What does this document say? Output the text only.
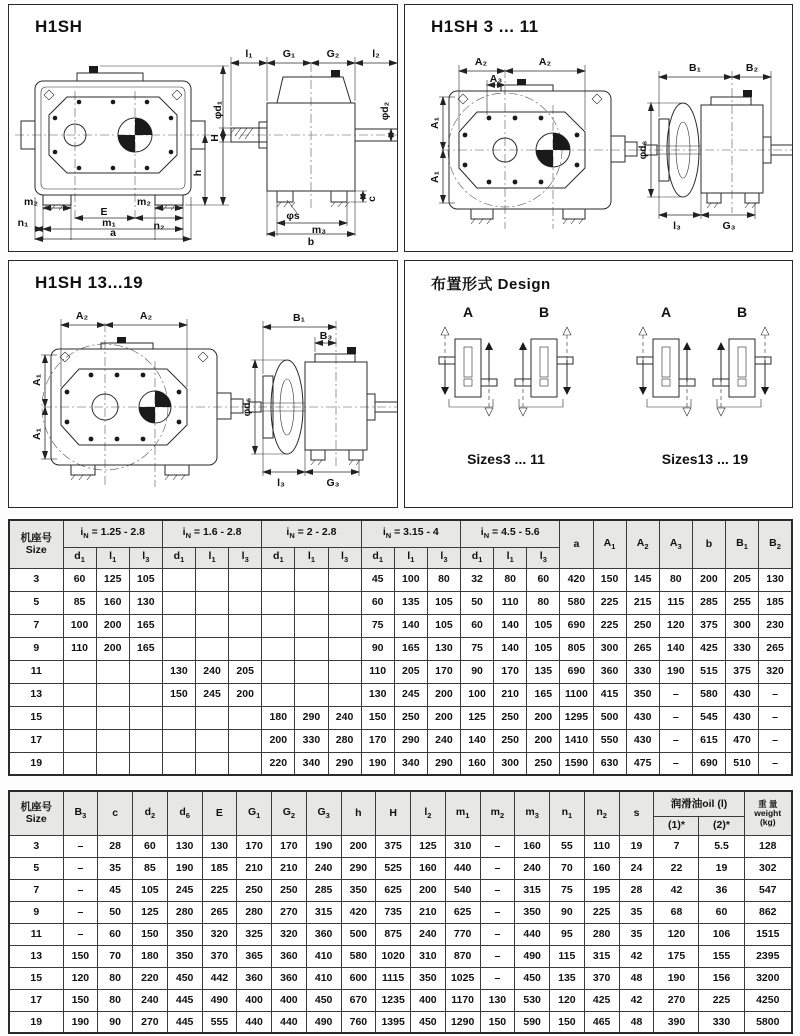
H1SH
H
h
m₂	m₂
E
n₂
m₁
n₁
a
l₁	G₁	G₂	l₂
φd₁	φd₂
φs
m₃
b
c
H1SH 3 ... 11
A₂	A₂
A₃
A₁
A₁
B₁	B₂
φd₆
l₃	G₃
H1SH 13...19
A₂	A₂
A₁
A₁
B₁
B₃
φd₆
l₃	G₃
布置形式 Design
A	B	A	B
Sizes3 ... 11	Sizes13 ... 19
机座号
Size	$i_N = 1.25 - 2.8$			$i_N = 1.6 - 2.8$			$i_N = 2 - 2.8$			$i_N = 3.15 - 4$			$i_N = 4.5 - 5.6$			a	$A_1$	$A_2$	$A_3$	b	$B_1$	$B_2$
	$d_1$	$l_1$	$l_3$	$d_1$	$l_1$	$l_3$	$d_1$	$l_1$	$l_3$	$d_1$	$l_1$	$l_3$	$d_1$	$l_1$	$l_3$
3	60	125	105							45	100	80	32	80	60	420	150	145	80	200	205	130
5	85	160	130							60	135	105	50	110	80	580	225	215	115	285	255	185
7	100	200	165							75	140	105	60	140	105	690	225	250	120	375	300	230
9	110	200	165							90	165	130	75	140	105	805	300	265	140	425	330	265
11				130	240	205				110	205	170	90	170	135	690	360	330	190	515	375	320
13				150	245	200				130	245	200	100	210	165	1100	415	350	–	580	430	–
15							180	290	240	150	250	200	125	250	200	1295	500	430	–	545	430	–
17							200	330	280	170	290	240	140	250	200	1410	550	430	–	615	470	–
19							220	340	290	190	340	290	160	300	250	1590	630	475	–	690	510	–
机座号
Size	$B_3$	c	$d_2$	$d_6$	E	$G_1$	$G_2$	$G_3$	h	H	$l_2$	$m_1$	$m_2$	$m_3$	$n_1$	$n_2$	s	润滑油oil (l)		重 量
weight
(kg)
																		(1)*	(2)*	
3	–	28	60	130	130	170	170	190	200	375	125	310	–	160	55	110	19	7	5.5	128
5	–	35	85	190	185	210	210	240	290	525	160	440	–	240	70	160	24	22	19	302
7	–	45	105	245	225	250	250	285	350	625	200	540	–	315	75	195	28	42	36	547
9	–	50	125	280	265	280	270	315	420	735	210	625	–	350	90	225	35	68	60	862
11	–	60	150	350	320	325	320	360	500	875	240	770	–	440	95	280	35	120	106	1515
13	150	70	180	350	370	365	360	410	580	1020	310	870	–	490	115	315	42	175	155	2395
15	120	80	220	450	442	360	360	410	600	1115	350	1025	–	450	135	370	48	190	156	3200
17	150	80	240	445	490	400	400	450	670	1235	400	1170	130	530	120	425	42	270	225	4250
19	190	90	270	445	555	440	440	490	760	1395	450	1290	150	590	150	465	48	390	330	5800
